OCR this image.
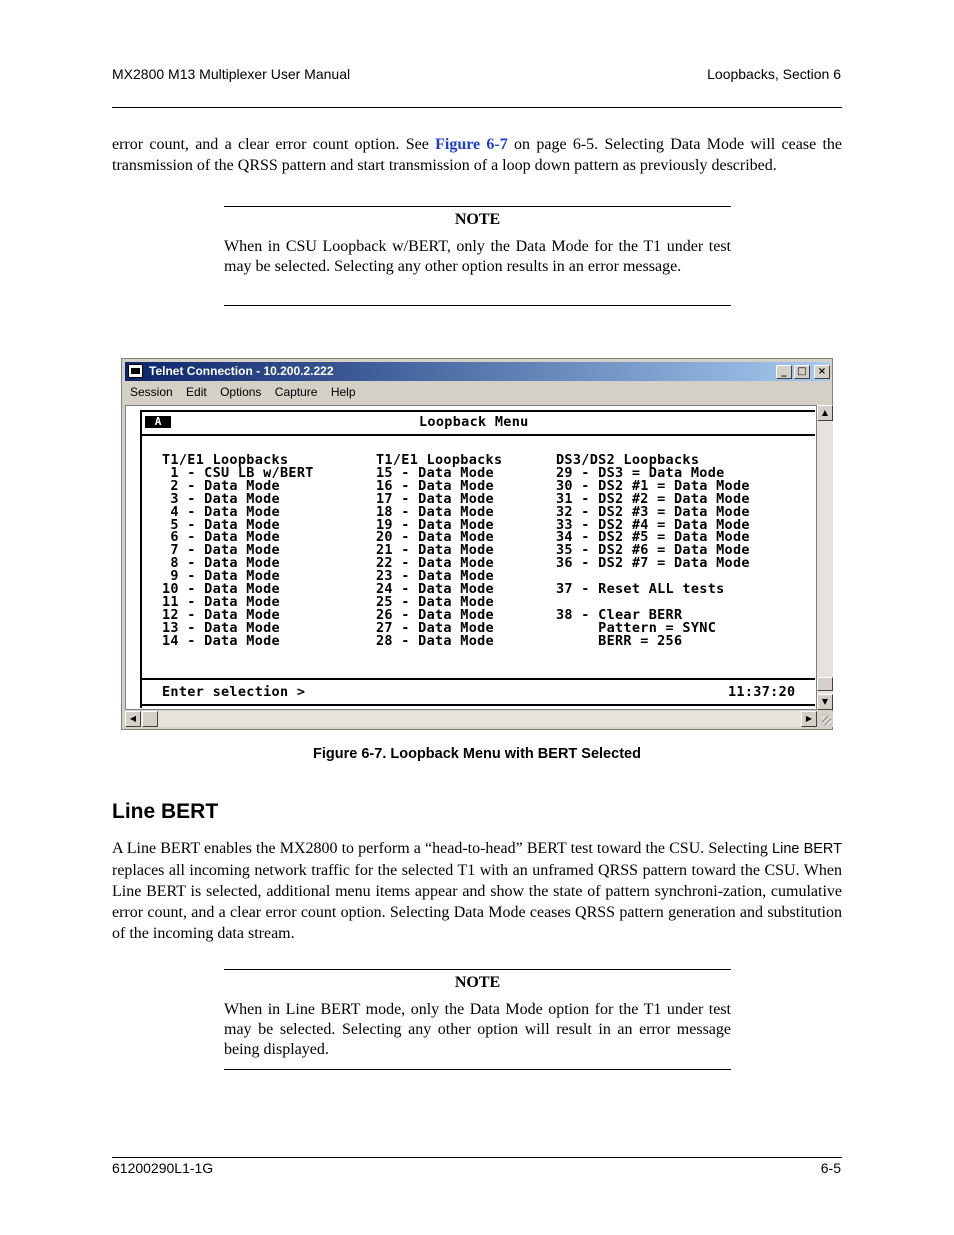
MX2800 M13 Multiplexer User Manual	Loopbacks, Section 6
error count, and a clear error count option. See Figure 6-7 on page 6-5. Selecting Data Mode will cease the transmission of the QRSS pattern and start transmission of a loop down pattern as previously described.
NOTE
When in CSU Loopback w/BERT, only the Data Mode for the T1 under test may be selected. Selecting any other option results in an error message.
Telnet Connection - 10.200.2.222	_	□	×
Session Edit Options Capture Help
A	Loopback Menu
T1/E1 Loopbacks
1 - CSU LB w/BERT
2 - Data Mode
3 - Data Mode
4 - Data Mode
5 - Data Mode
6 - Data Mode
7 - Data Mode
8 - Data Mode
9 - Data Mode
10 - Data Mode
11 - Data Mode
12 - Data Mode
13 - Data Mode
14 - Data Mode
T1/E1 Loopbacks
15 - Data Mode
16 - Data Mode
17 - Data Mode
18 - Data Mode
19 - Data Mode
20 - Data Mode
21 - Data Mode
22 - Data Mode
23 - Data Mode
24 - Data Mode
25 - Data Mode
26 - Data Mode
27 - Data Mode
28 - Data Mode
DS3/DS2 Loopbacks
29 - DS3 = Data Mode
30 - DS2 #1 = Data Mode
31 - DS2 #2 = Data Mode
32 - DS2 #3 = Data Mode
33 - DS2 #4 = Data Mode
34 - DS2 #5 = Data Mode
35 - DS2 #6 = Data Mode
36 - DS2 #7 = Data Mode

37 - Reset ALL tests

38 - Clear BERR
Pattern = SYNC
BERR = 256
Enter selection >	11:37:20
▲
▼
◀	▶
Figure 6-7. Loopback Menu with BERT Selected
Line BERT
A Line BERT enables the MX2800 to perform a “head-to-head” BERT test toward the CSU. Selecting Line BERT replaces all incoming network traffic for the selected T1 with an unframed QRSS pattern toward the CSU. When Line BERT is selected, additional menu items appear and show the state of pattern synchroni-zation, cumulative error count, and a clear error count option. Selecting Data Mode ceases QRSS pattern generation and substitution of the incoming data stream.
NOTE
When in Line BERT mode, only the Data Mode option for the T1 under test may be selected. Selecting any other option will result in an error message being displayed.
61200290L1-1G	6-5
